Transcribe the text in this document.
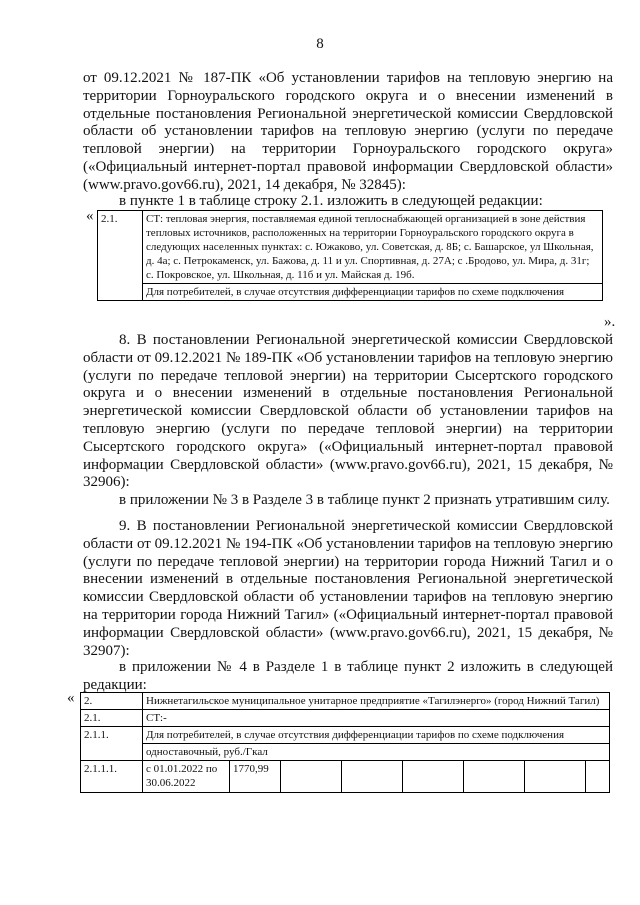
8
от 09.12.2021 № 187-ПК «Об установлении тарифов на тепловую энергию на территории Горноуральского городского округа и о внесении изменений в отдельные постановления Региональной энергетической комиссии Свердловской области об установлении тарифов на тепловую энергию (услуги по передаче тепловой энергии) на территории Горноуральского городского округа» («Официальный интернет-портал правовой информации Свердловской области» (www.pravo.gov66.ru), 2021, 14 декабря, № 32845):
в пункте 1 в таблице строку 2.1. изложить в следующей редакции:
« 2.1.	СТ: тепловая энергия, поставляемая единой теплоснабжающей организацией в зоне действия тепловых источников, расположенных на территории Горноуральского городского округа в следующих населенных пунктах: с. Южаково, ул. Советская, д. 8Б; с. Башарское, ул Школьная, д. 4а; с. Петрокаменск, ул. Бажова, д. 11 и ул. Спортивная, д. 27А; с .Бродово, ул. Мира, д. 31г; с. Покровское, ул. Школьная, д. 11б и ул. Майская д. 19б.
Для потребителей, в случае отсутствия дифференциации тарифов по схеме подключения
».
8. В постановлении Региональной энергетической комиссии Свердловской области от 09.12.2021 № 189-ПК «Об установлении тарифов на тепловую энергию (услуги по передаче тепловой энергии) на территории Сысертского городского округа и о внесении изменений в отдельные постановления Региональной энергетической комиссии Свердловской области об установлении тарифов на тепловую энергию (услуги по передаче тепловой энергии) на территории Сысертского городского округа» («Официальный интернет-портал правовой информации Свердловской области» (www.pravo.gov66.ru), 2021, 15 декабря, № 32906):
в приложении № 3 в Разделе 3 в таблице пункт 2 признать утратившим силу.
9. В постановлении Региональной энергетической комиссии Свердловской области от 09.12.2021 № 194-ПК «Об установлении тарифов на тепловую энергию (услуги по передаче тепловой энергии) на территории города Нижний Тагил и о внесении изменений в отдельные постановления Региональной энергетической комиссии Свердловской области об установлении тарифов на тепловую энергию на территории города Нижний Тагил» («Официальный интернет-портал правовой информации Свердловской области» (www.pravo.gov66.ru), 2021, 15 декабря, № 32907):
в приложении № 4 в Разделе 1 в таблице пункт 2 изложить в следующей редакции:
« 2.	Нижнетагильское муниципальное унитарное предприятие «Тагилэнерго» (город Нижний Тагил)							
2.1.	СТ:-							
2.1.1.	Для потребителей, в случае отсутствия дифференциации тарифов по схеме подключения							
	одноставочный, руб./Гкал							
2.1.1.1.	с 01.01.2022 по 30.06.2022	1770,99						
